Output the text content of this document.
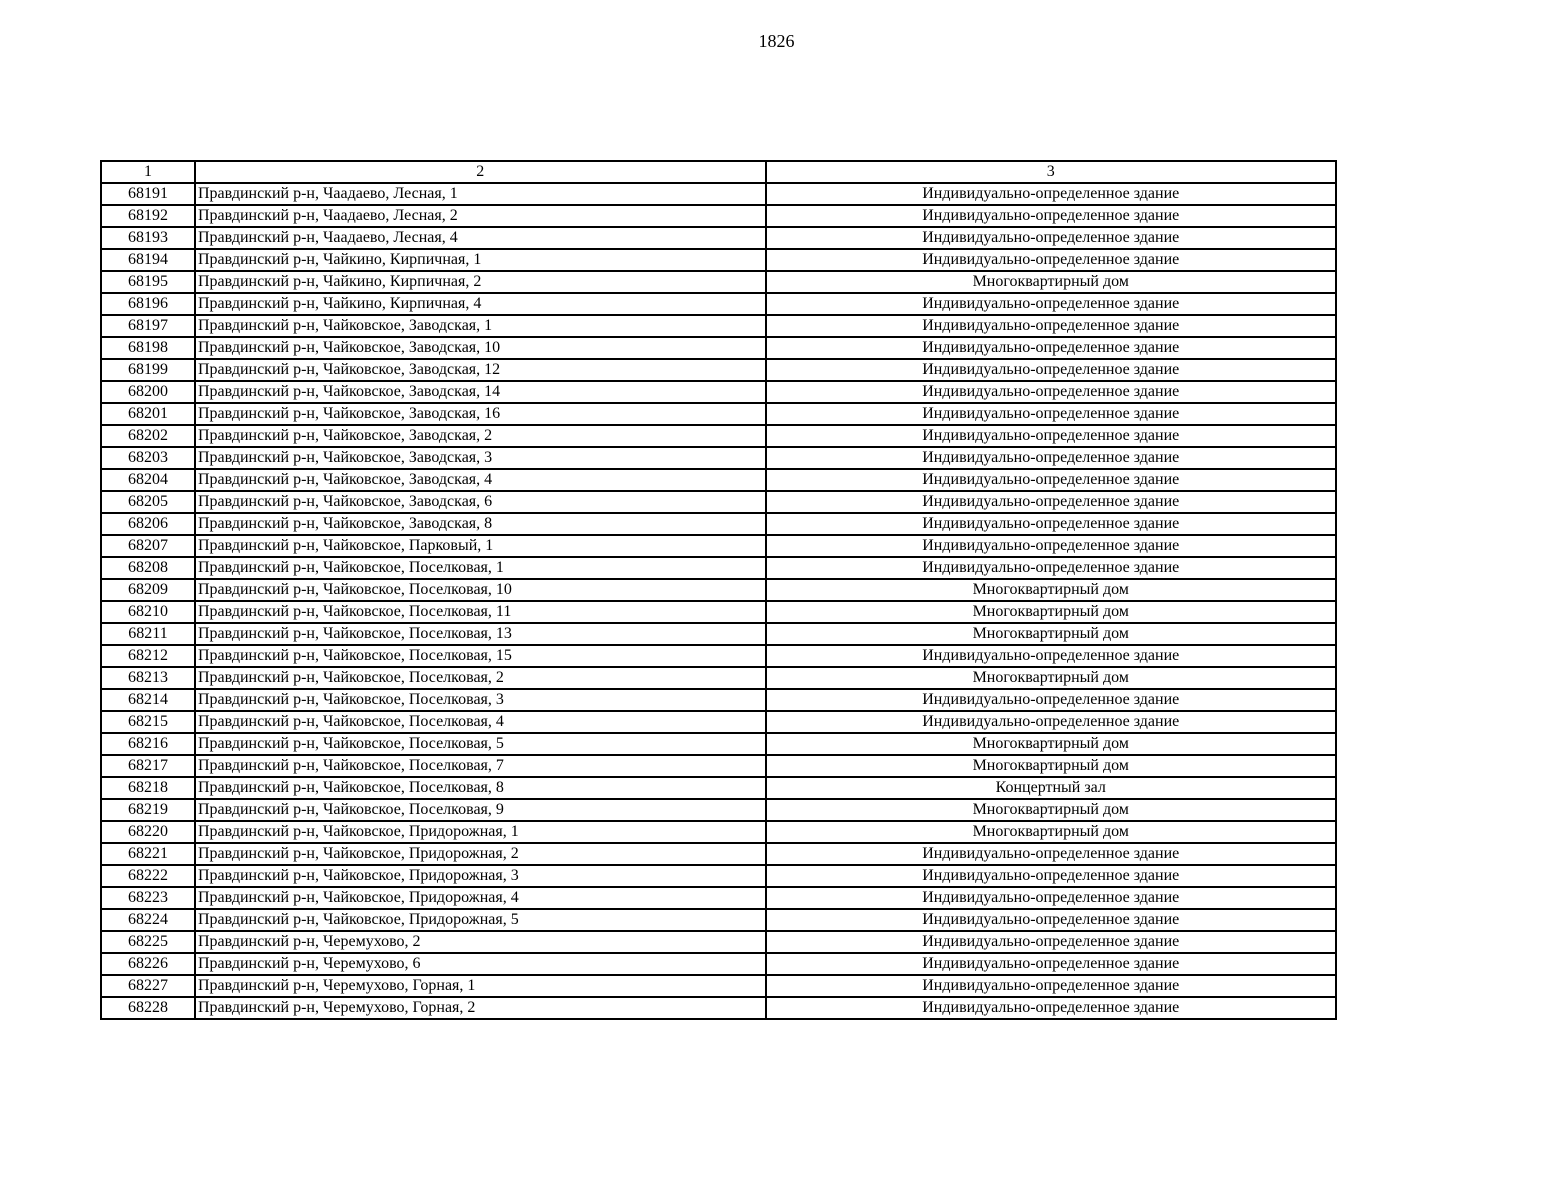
1826
1	2	3
68191	Правдинский р-н, Чаадаево, Лесная, 1	Индивидуально-определенное здание
68192	Правдинский р-н, Чаадаево, Лесная, 2	Индивидуально-определенное здание
68193	Правдинский р-н, Чаадаево, Лесная, 4	Индивидуально-определенное здание
68194	Правдинский р-н, Чайкино, Кирпичная, 1	Индивидуально-определенное здание
68195	Правдинский р-н, Чайкино, Кирпичная, 2	Многоквартирный дом
68196	Правдинский р-н, Чайкино, Кирпичная, 4	Индивидуально-определенное здание
68197	Правдинский р-н, Чайковское, Заводская, 1	Индивидуально-определенное здание
68198	Правдинский р-н, Чайковское, Заводская, 10	Индивидуально-определенное здание
68199	Правдинский р-н, Чайковское, Заводская, 12	Индивидуально-определенное здание
68200	Правдинский р-н, Чайковское, Заводская, 14	Индивидуально-определенное здание
68201	Правдинский р-н, Чайковское, Заводская, 16	Индивидуально-определенное здание
68202	Правдинский р-н, Чайковское, Заводская, 2	Индивидуально-определенное здание
68203	Правдинский р-н, Чайковское, Заводская, 3	Индивидуально-определенное здание
68204	Правдинский р-н, Чайковское, Заводская, 4	Индивидуально-определенное здание
68205	Правдинский р-н, Чайковское, Заводская, 6	Индивидуально-определенное здание
68206	Правдинский р-н, Чайковское, Заводская, 8	Индивидуально-определенное здание
68207	Правдинский р-н, Чайковское, Парковый, 1	Индивидуально-определенное здание
68208	Правдинский р-н, Чайковское, Поселковая, 1	Индивидуально-определенное здание
68209	Правдинский р-н, Чайковское, Поселковая, 10	Многоквартирный дом
68210	Правдинский р-н, Чайковское, Поселковая, 11	Многоквартирный дом
68211	Правдинский р-н, Чайковское, Поселковая, 13	Многоквартирный дом
68212	Правдинский р-н, Чайковское, Поселковая, 15	Индивидуально-определенное здание
68213	Правдинский р-н, Чайковское, Поселковая, 2	Многоквартирный дом
68214	Правдинский р-н, Чайковское, Поселковая, 3	Индивидуально-определенное здание
68215	Правдинский р-н, Чайковское, Поселковая, 4	Индивидуально-определенное здание
68216	Правдинский р-н, Чайковское, Поселковая, 5	Многоквартирный дом
68217	Правдинский р-н, Чайковское, Поселковая, 7	Многоквартирный дом
68218	Правдинский р-н, Чайковское, Поселковая, 8	Концертный зал
68219	Правдинский р-н, Чайковское, Поселковая, 9	Многоквартирный дом
68220	Правдинский р-н, Чайковское, Придорожная, 1	Многоквартирный дом
68221	Правдинский р-н, Чайковское, Придорожная, 2	Индивидуально-определенное здание
68222	Правдинский р-н, Чайковское, Придорожная, 3	Индивидуально-определенное здание
68223	Правдинский р-н, Чайковское, Придорожная, 4	Индивидуально-определенное здание
68224	Правдинский р-н, Чайковское, Придорожная, 5	Индивидуально-определенное здание
68225	Правдинский р-н, Черемухово, 2	Индивидуально-определенное здание
68226	Правдинский р-н, Черемухово, 6	Индивидуально-определенное здание
68227	Правдинский р-н, Черемухово, Горная, 1	Индивидуально-определенное здание
68228	Правдинский р-н, Черемухово, Горная, 2	Индивидуально-определенное здание
